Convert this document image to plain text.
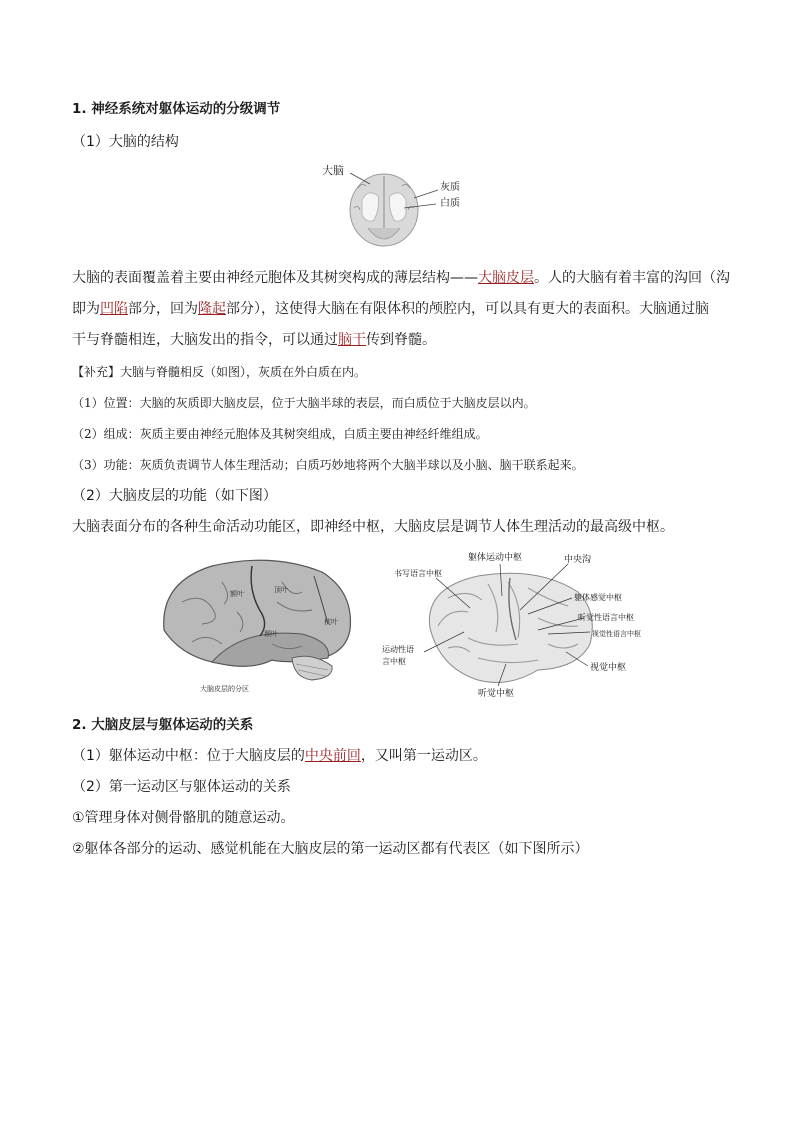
1. 神经系统对躯体运动的分级调节
（1）大脑的结构
大脑
灰质
白质
大脑的表面覆盖着主要由神经元胞体及其树突构成的薄层结构——大脑皮层。人的大脑有着丰富的沟回（沟
即为凹陷部分，回为隆起部分），这使得大脑在有限体积的颅腔内，可以具有更大的表面积。大脑通过脑
干与脊髓相连，大脑发出的指令，可以通过脑干传到脊髓。
【补充】大脑与脊髓相反（如图），灰质在外白质在内。
（1）位置：大脑的灰质即大脑皮层，位于大脑半球的表层，而白质位于大脑皮层以内。
（2）组成：灰质主要由神经元胞体及其树突组成，白质主要由神经纤维组成。
（3）功能：灰质负责调节人体生理活动；白质巧妙地将两个大脑半球以及小脑、脑干联系起来。
（2）大脑皮层的功能（如下图）
大脑表面分布的各种生命活动功能区，即神经中枢，大脑皮层是调节人体生理活动的最高级中枢。
额叶	顶叶
枕叶
颞叶
大脑皮层的分区
躯体运动中枢	中央沟
书写语言中枢
躯体感觉中枢
听觉性语言中枢
视觉性语言中枢
运动性语
言中枢
视觉中枢
听觉中枢
2. 大脑皮层与躯体运动的关系
（1）躯体运动中枢：位于大脑皮层的中央前回，又叫第一运动区。
（2）第一运动区与躯体运动的关系
①管理身体对侧骨骼肌的随意运动。
②躯体各部分的运动、感觉机能在大脑皮层的第一运动区都有代表区（如下图所示）
